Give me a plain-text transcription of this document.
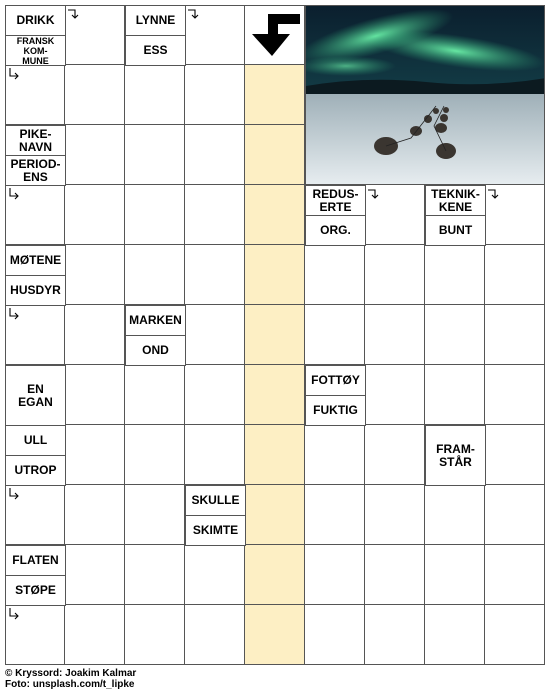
DRIKK
FRANSK
KOM-
MUNE
LYNNE
ESS
PIKE-
NAVN
PERIOD-
ENS
REDUS-
ERTE
ORG.
TEKNIK-
KENE
BUNT
MØTENE
HUSDYR
MARKEN
OND
EN
EGAN
FOTTØY
FUKTIG
ULL
UTROP
FRAM-
STÅR
SKULLE
SKIMTE
FLATEN
STØPE
© Kryssord: Joakim Kalmar
Foto: unsplash.com/t_lipke
